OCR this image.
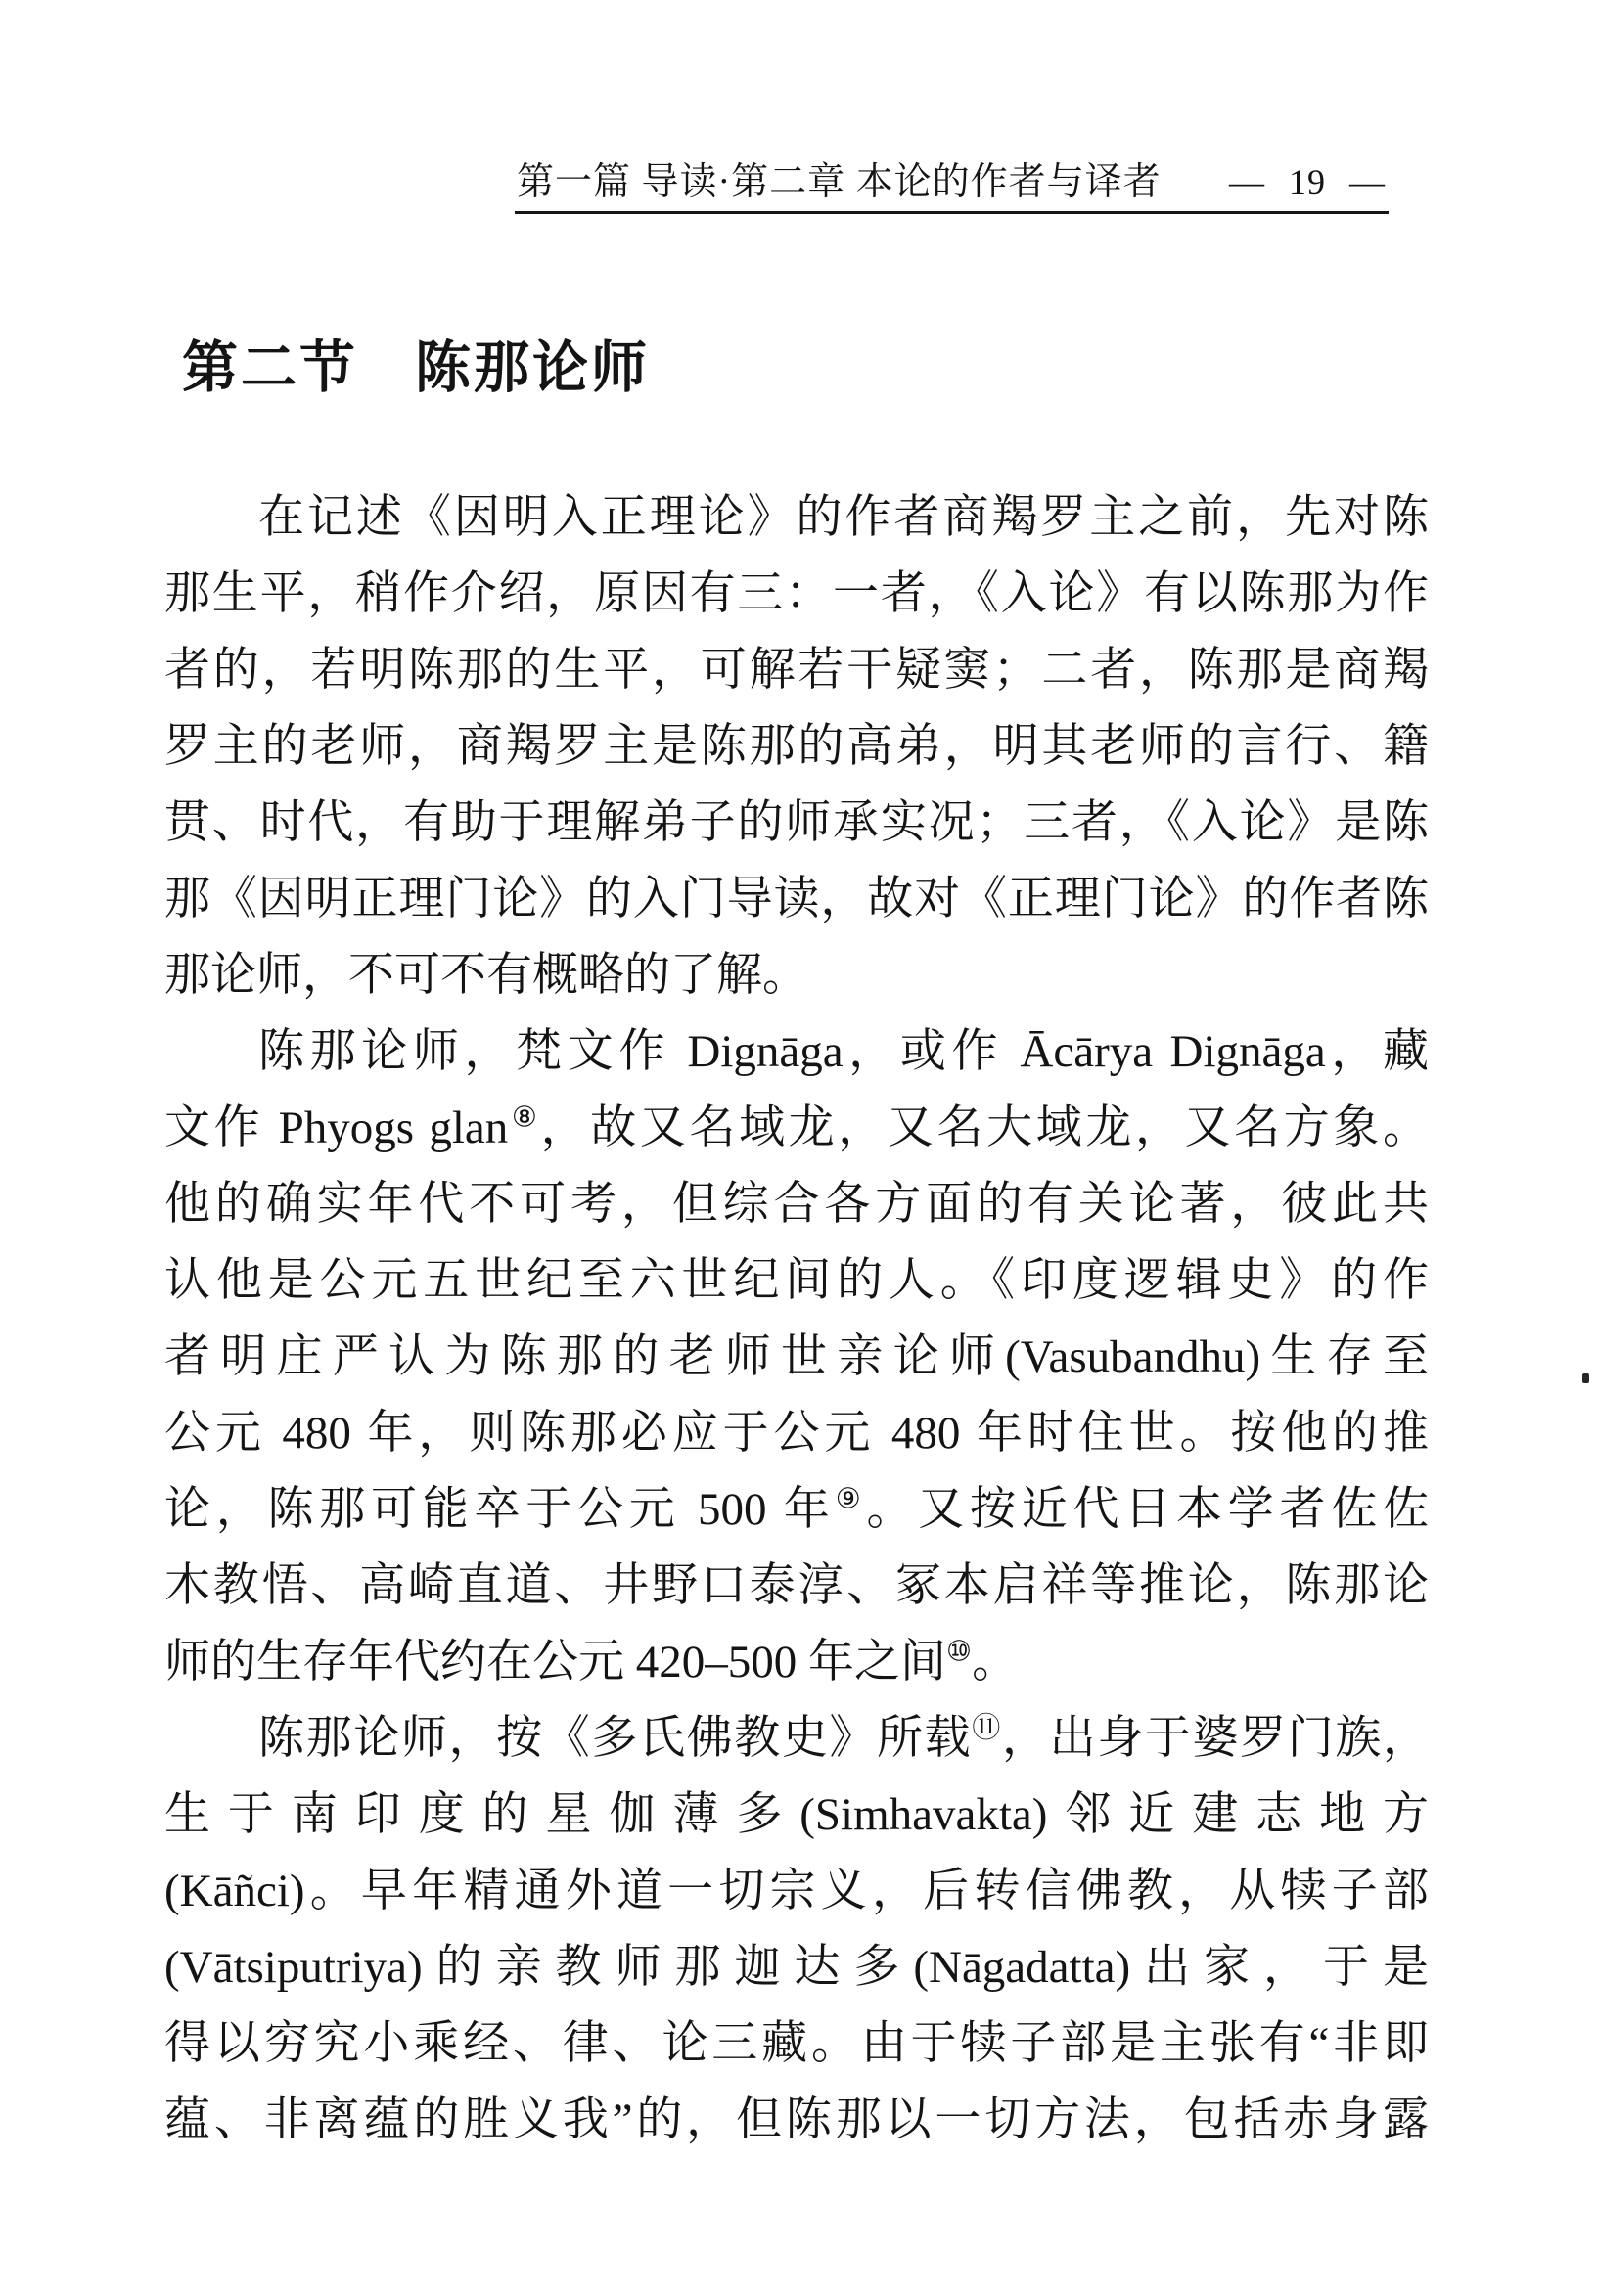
第一篇 导读·第二章 本论的作者与译者 — 19 —
第二节 陈那论师
在记述《因明入正理论》的作者商羯罗主之前，先对陈
那生平，稍作介绍，原因有三：一者，《入论》有以陈那为作
者的，若明陈那的生平，可解若干疑窦；二者，陈那是商羯
罗主的老师，商羯罗主是陈那的高弟，明其老师的言行、籍
贯、时代，有助于理解弟子的师承实况；三者，《入论》是陈
那《因明正理门论》的入门导读，故对《正理门论》的作者陈
那论师，不可不有概略的了解。
陈那论师，梵文作 Dignāga，或作 Ācārya Dignāga，藏
文作 Phyogs glan⑧，故又名域龙，又名大域龙，又名方象。
他的确实年代不可考，但综合各方面的有关论著，彼此共
认他是公元五世纪至六世纪间的人。《印度逻辑史》的作
者明庄严认为陈那的老师世亲论师(Vasubandhu)生存至
公元 480 年，则陈那必应于公元 480 年时住世。按他的推
论，陈那可能卒于公元 500 年⑨。又按近代日本学者佐佐
木教悟、高崎直道、井野口泰淳、冢本启祥等推论，陈那论
师的生存年代约在公元 420–500 年之间⑩。
陈那论师，按《多氏佛教史》所载⑪，出身于婆罗门族，
生于南印度的星伽薄多(Simhavakta)邻近建志地方
(Kāñci)。早年精通外道一切宗义，后转信佛教，从犊子部
(Vātsiputriya)的亲教师那迦达多(Nāgadatta)出家，于是
得以穷究小乘经、律、论三藏。由于犊子部是主张有“非即
蕴、非离蕴的胜义我”的，但陈那以一切方法，包括赤身露
